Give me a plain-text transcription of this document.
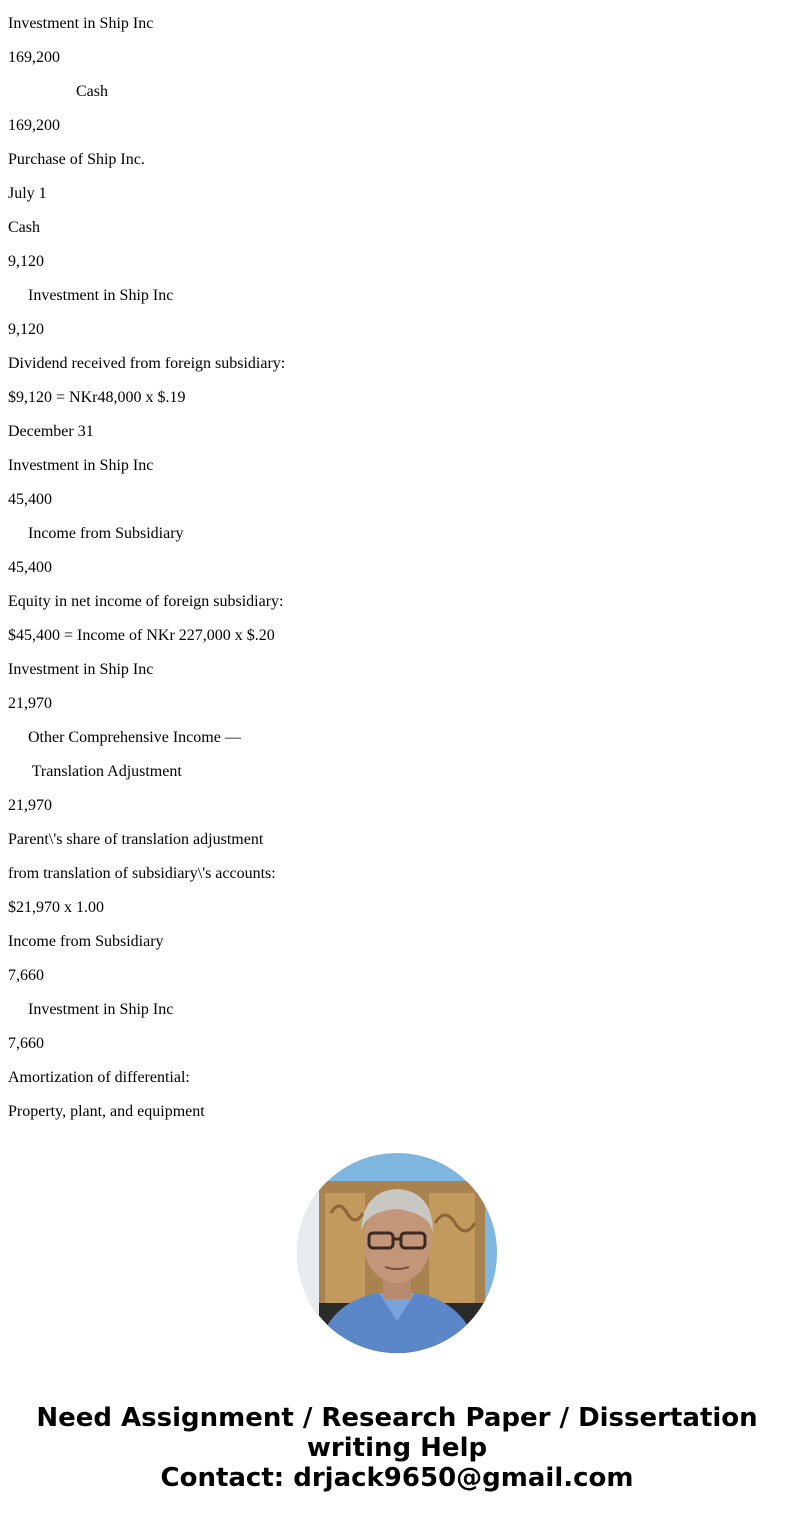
Investment in Ship Inc
169,200
Cash
169,200
Purchase of Ship Inc.
July 1
Cash
9,120
Investment in Ship Inc
9,120
Dividend received from foreign subsidiary:
$9,120 = NKr48,000 x $.19
December 31
Investment in Ship Inc
45,400
Income from Subsidiary
45,400
Equity in net income of foreign subsidiary:
$45,400 = Income of NKr 227,000 x $.20
Investment in Ship Inc
21,970
Other Comprehensive Income —
Translation Adjustment
21,970
Parent\'s share of translation adjustment
from translation of subsidiary\'s accounts:
$21,970 x 1.00
Income from Subsidiary
7,660
Investment in Ship Inc
7,660
Amortization of differential:
Property, plant, and equipment
Need Assignment / Research Paper / Dissertation
writing Help
Contact: drjack9650@gmail.com
